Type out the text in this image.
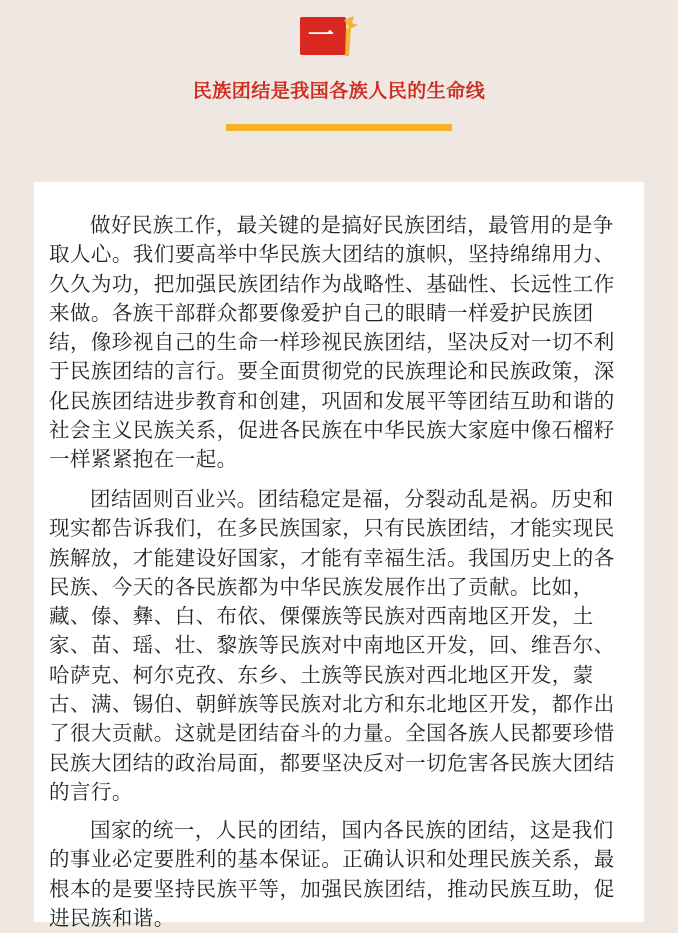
一
民族团结是我国各族人民的生命线

做好民族工作，最关键的是搞好民族团结，最管用的是争取人心。我们要高举中华民族大团结的旗帜，坚持绵绵用力、久久为功，把加强民族团结作为战略性、基础性、长远性工作来做。各族干部群众都要像爱护自己的眼睛一样爱护民族团结，像珍视自己的生命一样珍视民族团结，坚决反对一切不利于民族团结的言行。要全面贯彻党的民族理论和民族政策，深化民族团结进步教育和创建，巩固和发展平等团结互助和谐的社会主义民族关系，促进各民族在中华民族大家庭中像石榴籽一样紧紧抱在一起。

团结固则百业兴。团结稳定是福，分裂动乱是祸。历史和现实都告诉我们，在多民族国家，只有民族团结，才能实现民族解放，才能建设好国家，才能有幸福生活。我国历史上的各民族、今天的各民族都为中华民族发展作出了贡献。比如，藏、傣、彝、白、布依、傈僳族等民族对西南地区开发，土家、苗、瑶、壮、黎族等民族对中南地区开发，回、维吾尔、哈萨克、柯尔克孜、东乡、土族等民族对西北地区开发，蒙古、满、锡伯、朝鲜族等民族对北方和东北地区开发，都作出了很大贡献。这就是团结奋斗的力量。全国各族人民都要珍惜民族大团结的政治局面，都要坚决反对一切危害各民族大团结的言行。

国家的统一，人民的团结，国内各民族的团结，这是我们的事业必定要胜利的基本保证。正确认识和处理民族关系，最根本的是要坚持民族平等，加强民族团结，推动民族互助，促进民族和谐。
